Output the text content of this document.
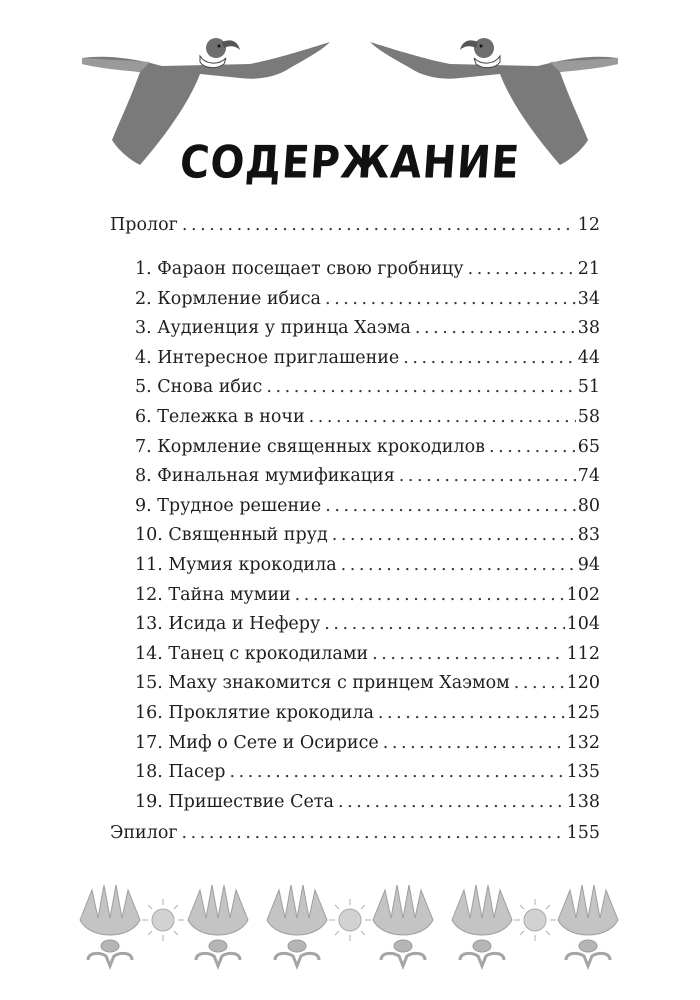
СОДЕРЖАНИЕ
Пролог . . .	12
1. Фараон посещает свою гробницу . . .	21
2. Кормление ибиса . . .	34
3. Аудиенция у принца Хаэма . . .	38
4. Интересное приглашение . . .	44
5. Снова ибис . . .	51
6. Тележка в ночи . . .	58
7. Кормление священных крокодилов . . .	65
8. Финальная мумификация . . .	74
9. Трудное решение . . .	80
10. Священный пруд . . .	83
11. Мумия крокодила . . .	94
12. Тайна мумии . . .	102
13. Исида и Неферу . . .	104
14. Танец с крокодилами . . .	112
15. Маху знакомится с принцем Хаэмом . . .	120
16. Проклятие крокодила . . .	125
17. Миф о Сете и Осирисе . . .	132
18. Пасер . . .	135
19. Пришествие Сета . . .	138
Эпилог . . .	155
